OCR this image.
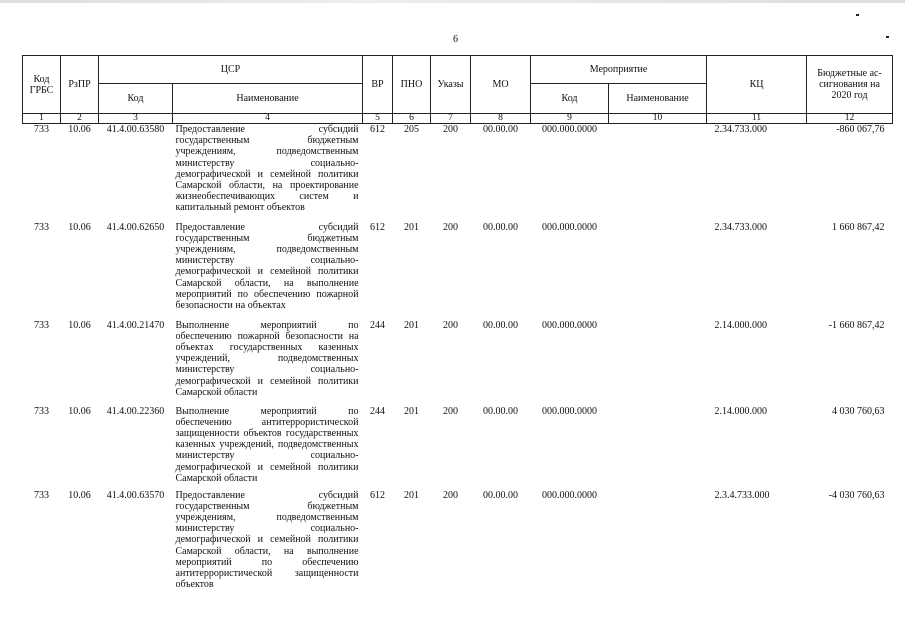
6
Код ГРБС	РзПР	ЦСР		ВР	ПНО	Указы	МО	Мероприятие		КЦ	Бюджетные ас-сигнования на 2020 год
		Код	Наименование					Код	Наименование		
1	2	3	4	5	6	7	8	9	10	11	12
733	10.06	41.4.00.63580	Предоставление субсидий государственным бюджетным учреждениям, подведомственным министерству социально-демографической и семейной политики Самарской области, на проектирование жизнеобеспечивающих систем и капитальный ремонт объектов	612	205	200	00.00.00	000.000.0000		2.34.733.000	-860 067,76
733	10.06	41.4.00.62650	Предоставление субсидий государственным бюджетным учреждениям, подведомственным министерству социально-демографической и семейной политики Самарской области, на выполнение мероприятий по обеспечению пожарной безопасности на объектах	612	201	200	00.00.00	000.000.0000		2.34.733.000	1 660 867,42
733	10.06	41.4.00.21470	Выполнение мероприятий по обеспечению пожарной безопасности на объектах государственных казенных учреждений, подведомственных министерству социально-демографической и семейной политики Самарской области	244	201	200	00.00.00	000.000.0000		2.14.000.000	-1 660 867,42
733	10.06	41.4.00.22360	Выполнение мероприятий по обеспечению антитеррористической защищенности объектов государственных казенных учреждений, подведомственных министерству социально-демографической и семейной политики Самарской области	244	201	200	00.00.00	000.000.0000		2.14.000.000	4 030 760,63
733	10.06	41.4.00.63570	Предоставление субсидий государственным бюджетным учреждениям, подведомственным министерству социально-демографической и семейной политики Самарской области, на выполнение мероприятий по обеспечению антитеррористической защищенности объектов	612	201	200	00.00.00	000.000.0000		2.3.4.733.000	-4 030 760,63
